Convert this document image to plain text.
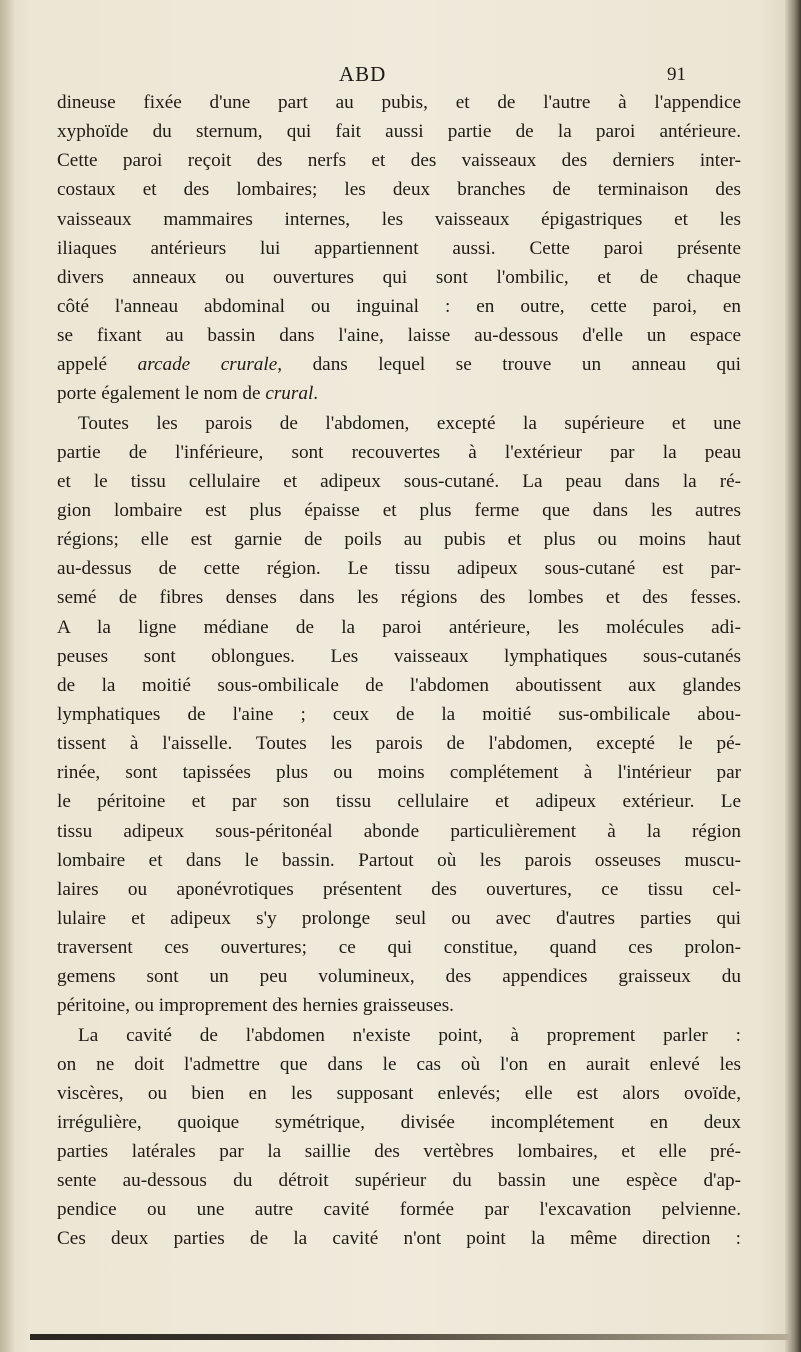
ABD	91
dineuse fixée d'une part au pubis, et de l'autre à l'appendice
xyphoïde du sternum, qui fait aussi partie de la paroi antérieure.
Cette paroi reçoit des nerfs et des vaisseaux des derniers inter-
costaux et des lombaires; les deux branches de terminaison des
vaisseaux mammaires internes, les vaisseaux épigastriques et les
iliaques antérieurs lui appartiennent aussi. Cette paroi présente
divers anneaux ou ouvertures qui sont l'ombilic, et de chaque
côté l'anneau abdominal ou inguinal : en outre, cette paroi, en
se fixant au bassin dans l'aine, laisse au-dessous d'elle un espace
appelé arcade crurale, dans lequel se trouve un anneau qui
porte également le nom de crural.
Toutes les parois de l'abdomen, excepté la supérieure et une
partie de l'inférieure, sont recouvertes à l'extérieur par la peau
et le tissu cellulaire et adipeux sous-cutané. La peau dans la ré-
gion lombaire est plus épaisse et plus ferme que dans les autres
régions; elle est garnie de poils au pubis et plus ou moins haut
au-dessus de cette région. Le tissu adipeux sous-cutané est par-
semé de fibres denses dans les régions des lombes et des fesses.
A la ligne médiane de la paroi antérieure, les molécules adi-
peuses sont oblongues. Les vaisseaux lymphatiques sous-cutanés
de la moitié sous-ombilicale de l'abdomen aboutissent aux glandes
lymphatiques de l'aine ; ceux de la moitié sus-ombilicale abou-
tissent à l'aisselle. Toutes les parois de l'abdomen, excepté le pé-
rinée, sont tapissées plus ou moins complétement à l'intérieur par
le péritoine et par son tissu cellulaire et adipeux extérieur. Le
tissu adipeux sous-péritonéal abonde particulièrement à la région
lombaire et dans le bassin. Partout où les parois osseuses muscu-
laires ou aponévrotiques présentent des ouvertures, ce tissu cel-
lulaire et adipeux s'y prolonge seul ou avec d'autres parties qui
traversent ces ouvertures; ce qui constitue, quand ces prolon-
gemens sont un peu volumineux, des appendices graisseux du
péritoine, ou improprement des hernies graisseuses.
La cavité de l'abdomen n'existe point, à proprement parler :
on ne doit l'admettre que dans le cas où l'on en aurait enlevé les
viscères, ou bien en les supposant enlevés; elle est alors ovoïde,
irrégulière, quoique symétrique, divisée incomplétement en deux
parties latérales par la saillie des vertèbres lombaires, et elle pré-
sente au-dessous du détroit supérieur du bassin une espèce d'ap-
pendice ou une autre cavité formée par l'excavation pelvienne.
Ces deux parties de la cavité n'ont point la même direction :
